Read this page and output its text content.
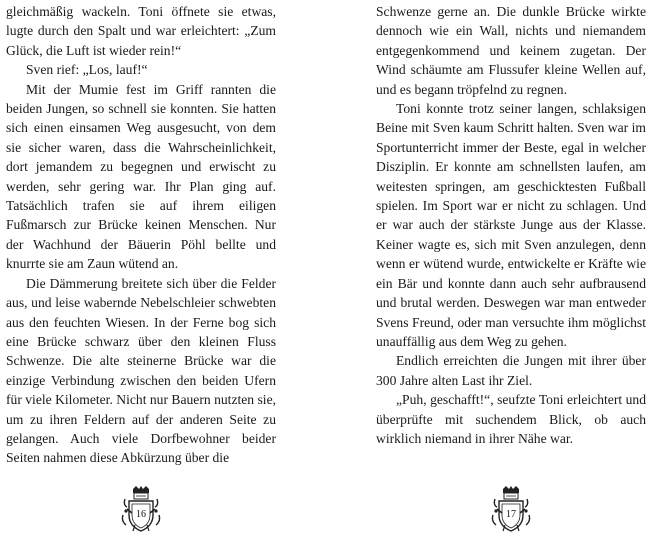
gleichmäßig wackeln. Toni öffnete sie etwas, lugte durch den Spalt und war erleichtert: „Zum Glück, die Luft ist wieder rein!“

Sven rief: „Los, lauf!“

Mit der Mumie fest im Griff rannten die beiden Jungen, so schnell sie konnten. Sie hatten sich einen einsamen Weg ausgesucht, von dem sie sicher waren, dass die Wahrscheinlichkeit, dort jemandem zu begegnen und erwischt zu werden, sehr gering war. Ihr Plan ging auf. Tatsächlich trafen sie auf ihrem eiligen Fußmarsch zur Brücke keinen Menschen. Nur der Wachhund der Bäuerin Pöhl bellte und knurrte sie am Zaun wütend an.

Die Dämmerung breitete sich über die Felder aus, und leise wabernde Nebelschleier schwebten aus den feuchten Wiesen. In der Ferne bog sich eine Brücke schwarz über den kleinen Fluss Schwenze. Die alte steinerne Brücke war die einzige Verbindung zwischen den beiden Ufern für viele Kilometer. Nicht nur Bauern nutzten sie, um zu ihren Feldern auf der anderen Seite zu gelangen. Auch viele Dorfbewohner beider Seiten nahmen diese Abkürzung über die

16

Schwenze gerne an. Die dunkle Brücke wirkte dennoch wie ein Wall, nichts und niemandem entgegenkommend und keinem zugetan. Der Wind schäumte am Flussufer kleine Wellen auf, und es begann tröpfelnd zu regnen.

Toni konnte trotz seiner langen, schlaksigen Beine mit Sven kaum Schritt halten. Sven war im Sportunterricht immer der Beste, egal in welcher Disziplin. Er konnte am schnellsten laufen, am weitesten springen, am geschicktesten Fußball spielen. Im Sport war er nicht zu schlagen. Und er war auch der stärkste Junge aus der Klasse. Keiner wagte es, sich mit Sven anzulegen, denn wenn er wütend wurde, entwickelte er Kräfte wie ein Bär und konnte dann auch sehr aufbrausend und brutal werden. Deswegen war man entweder Svens Freund, oder man versuchte ihm möglichst unauffällig aus dem Weg zu gehen.

Endlich erreichten die Jungen mit ihrer über 300 Jahre alten Last ihr Ziel.

„Puh, geschafft!“, seufzte Toni erleichtert und überprüfte mit suchendem Blick, ob auch wirklich niemand in ihrer Nähe war.

17
